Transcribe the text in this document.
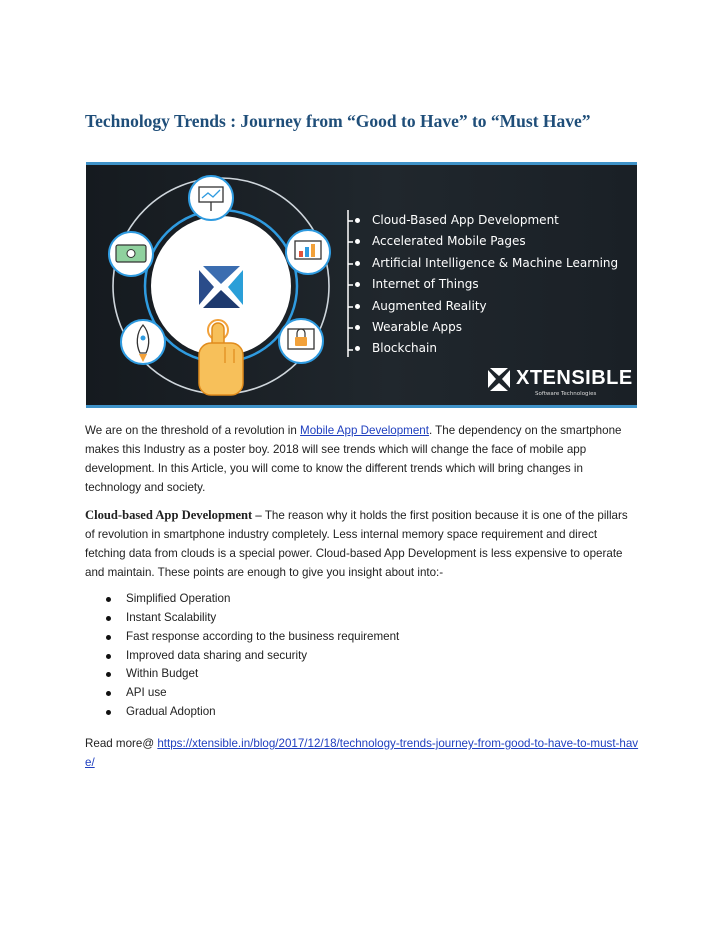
Technology Trends : Journey from “Good to Have” to “Must Have”
Cloud-Based App Development
Accelerated Mobile Pages
Artificial Intelligence & Machine Learning
Internet of Things
Augmented Reality
Wearable Apps
Blockchain
XTENSIBLE
Software Technologies
We are on the threshold of a revolution in Mobile App Development. The dependency on the smartphone makes this Industry as a poster boy. 2018 will see trends which will change the face of mobile app development. In this Article, you will come to know the different trends which will bring changes in technology and society.
Cloud-based App Development – The reason why it holds the first position because it is one of the pillars of revolution in smartphone industry completely. Less internal memory space requirement and direct fetching data from clouds is a special power. Cloud-based App Development is less expensive to operate and maintain. These points are enough to give you insight about into:-
Simplified Operation
Instant Scalability
Fast response according to the business requirement
Improved data sharing and security
Within Budget
API use
Gradual Adoption
Read more@ https://xtensible.in/blog/2017/12/18/technology-trends-journey-from-good-to-have-to-must-have/
